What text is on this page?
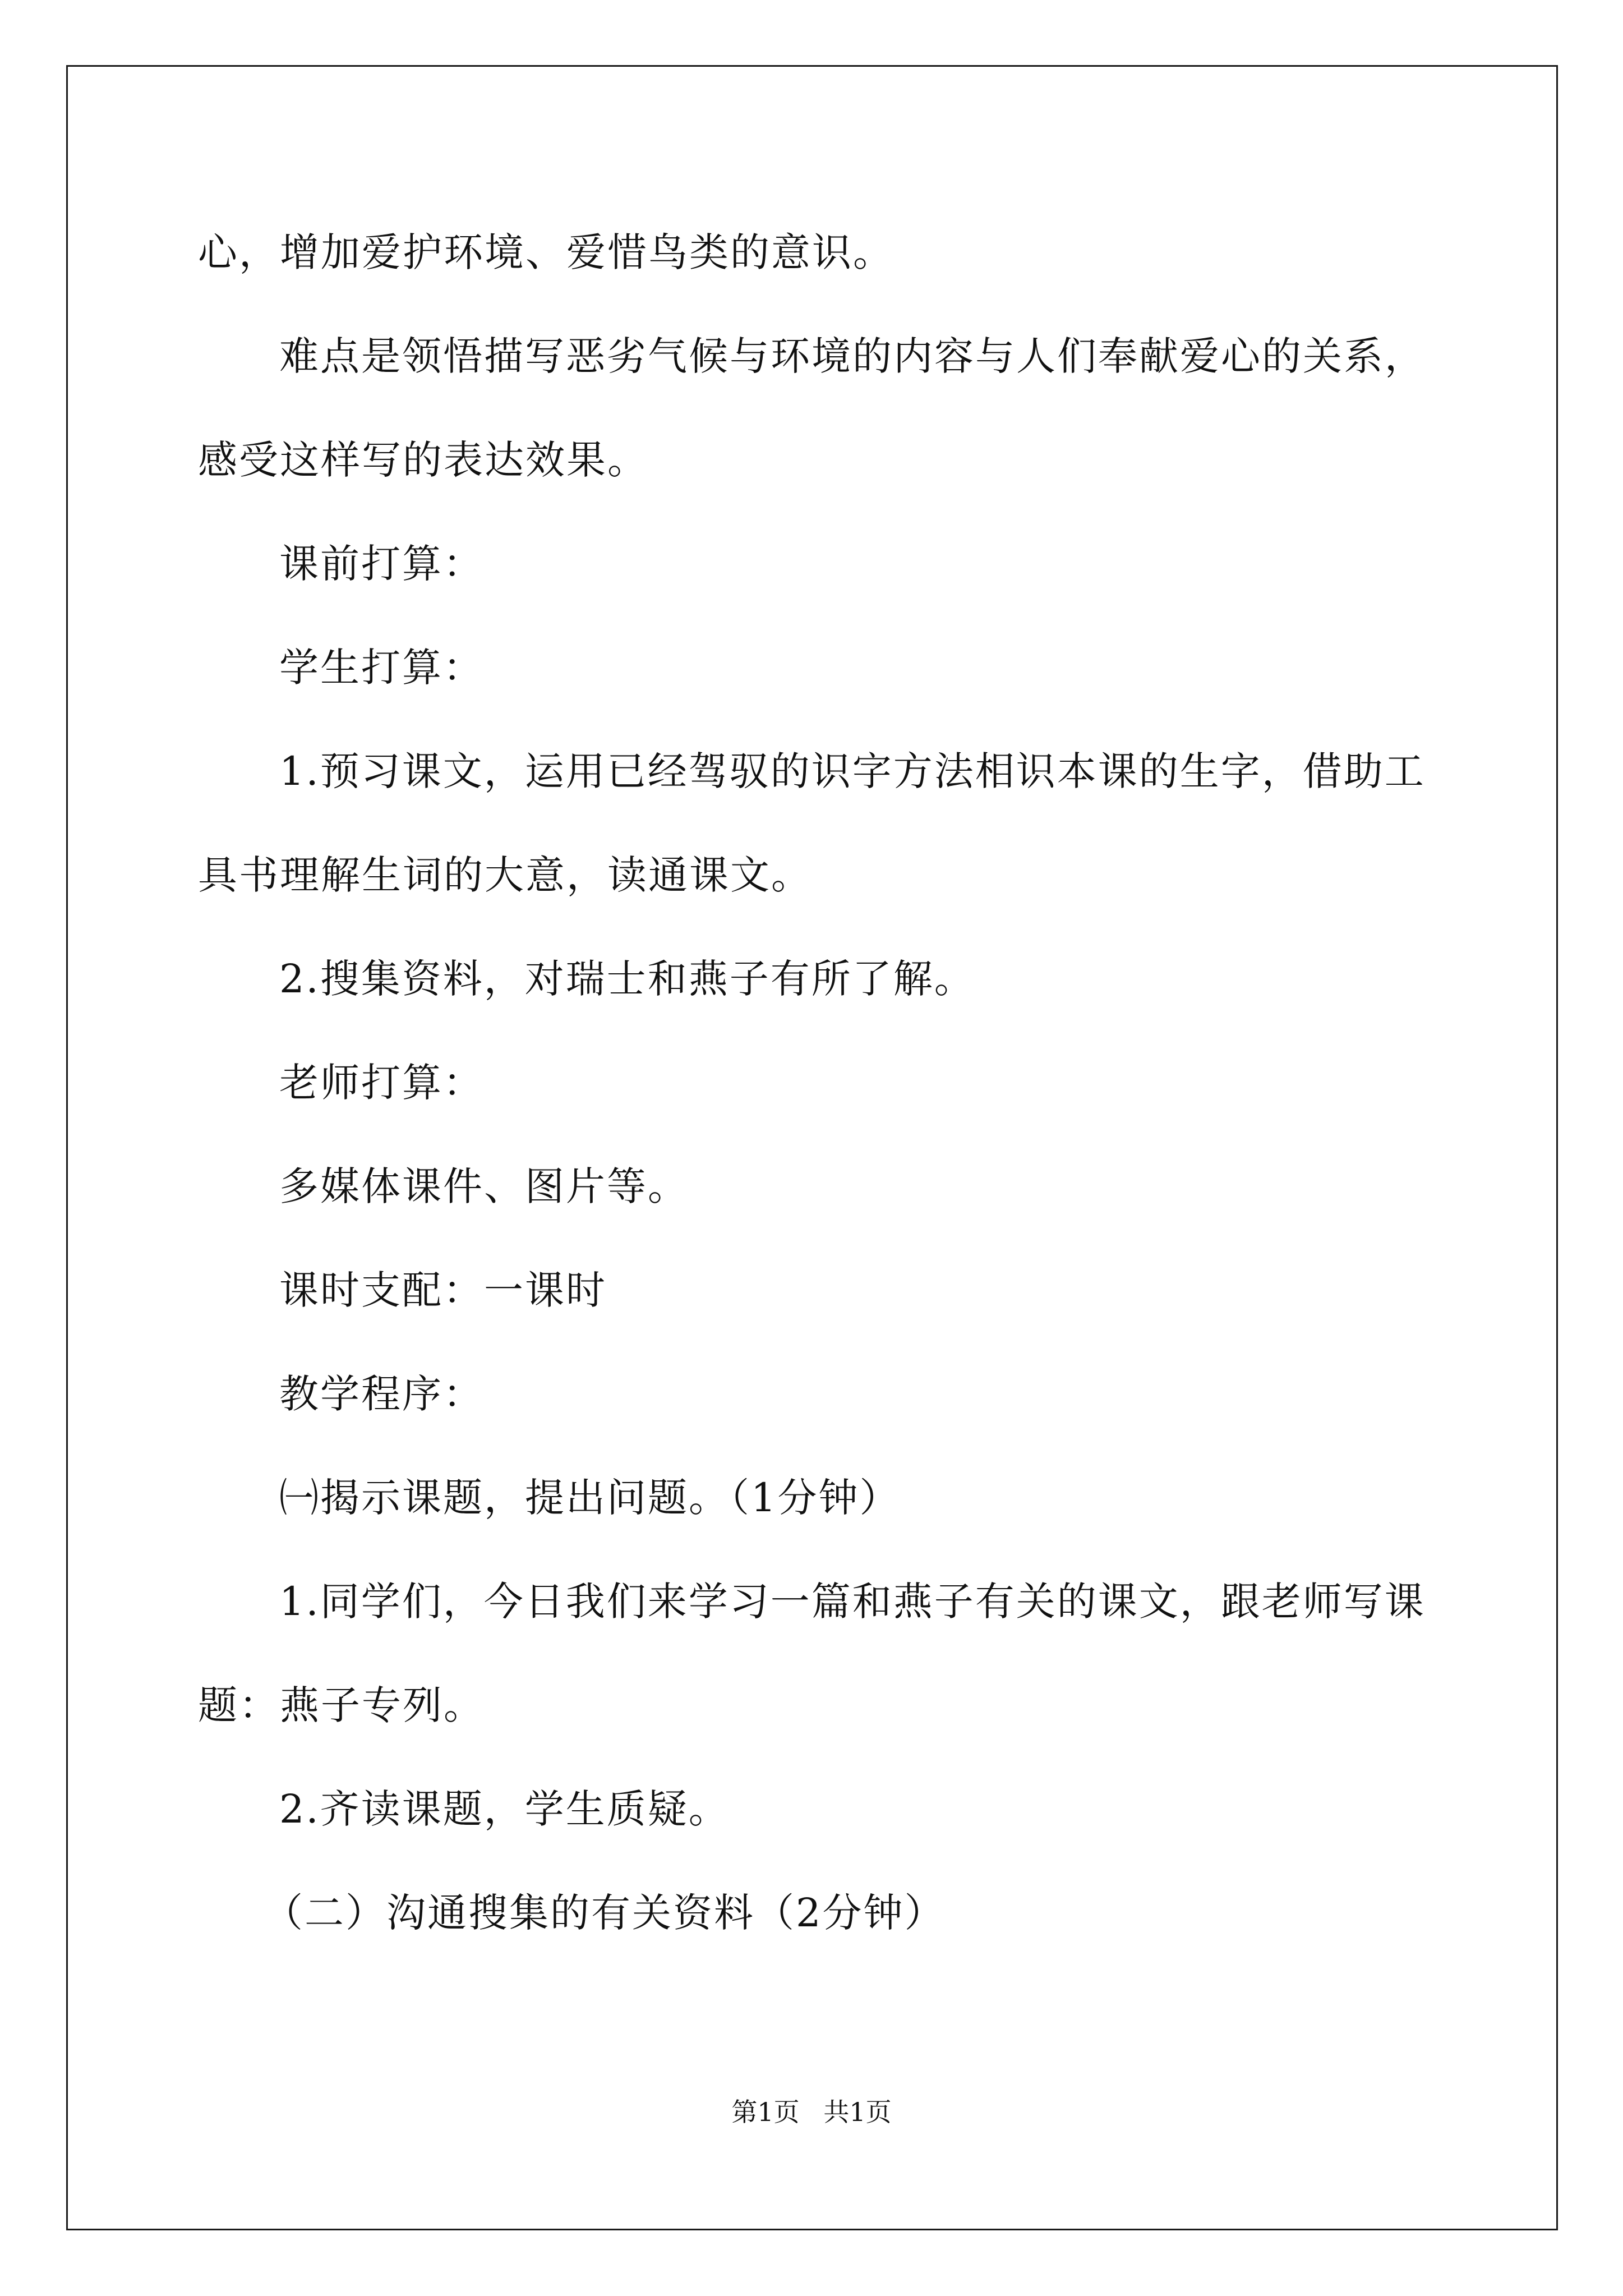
心，增加爱护环境、爱惜鸟类的意识。
难点是领悟描写恶劣气候与环境的内容与人们奉献爱心的关系，
感受这样写的表达效果。
课前打算：
学生打算：
1.预习课文，运用已经驾驭的识字方法相识本课的生字，借助工
具书理解生词的大意，读通课文。
2.搜集资料，对瑞士和燕子有所了解。
老师打算：
多媒体课件、图片等。
课时支配：一课时
教学程序：
㈠揭示课题，提出问题。（1分钟）
1.同学们，今日我们来学习一篇和燕子有关的课文，跟老师写课
题：燕子专列。
2.齐读课题，学生质疑。
（二）沟通搜集的有关资料（2分钟）
第1页 共1页
